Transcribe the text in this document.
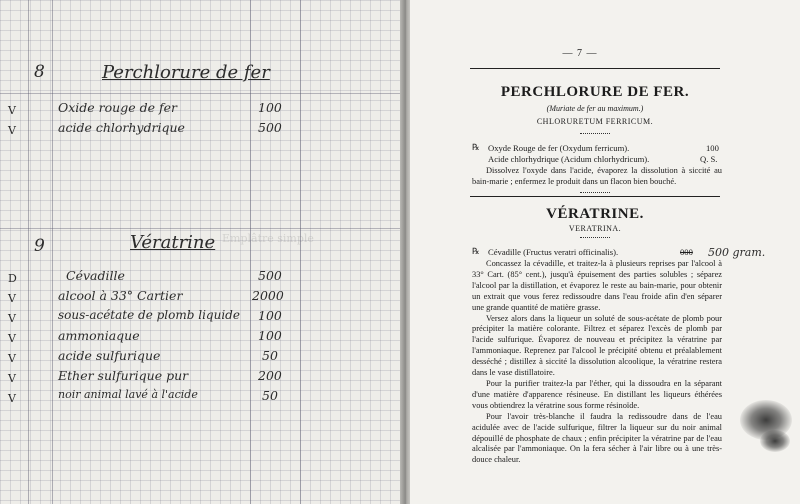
Emplâtre simple
8	Perchlorure de fer
V	Oxide rouge de fer	100
V	acide chlorhydrique	500
9	Vératrine
D	Cévadille	500
V	alcool à 33° Cartier	2000
V	sous-acétate de plomb liquide 100
V	ammoniaque	100
V	acide sulfurique	50
V	Ether sulfurique pur	200
V	noir animal lavé à l'acide	50
— 7 —
PERCHLORURE DE FER.
(Muriate de fer au maximum.)
CHLORURETUM FERRICUM.
℞ Oxyde Rouge de fer (Oxydum ferricum).	100
Acide chlorhydrique (Acidum chlorhydricum).	Q. S.

Dissolvez l'oxyde dans l'acide, évaporez la dissolution à siccité au bain-marie ; enfermez le produit dans un flacon bien bouché.

VÉRATRINE.
VERATRINA.
℞ Cévadille (Fructus veratri officinalis).	000 500 gram.

Concassez la cévadille, et traitez-la à plusieurs reprises par l'alcool à 33° Cart. (85° cent.), jusqu'à épuisement des parties solubles ; séparez l'alcool par la distillation, et évaporez le reste au bain-marie, pour obtenir un extrait que vous ferez redissoudre dans l'eau froide afin d'en séparer une grande quantité de matière grasse.

Versez alors dans la liqueur un soluté de sous-acétate de plomb pour précipiter la matière colorante. Filtrez et séparez l'excès de plomb par l'acide sulfurique. Évaporez de nouveau et précipitez la vératrine par l'ammoniaque. Reprenez par l'alcool le précipité obtenu et préalablement desséché ; distillez à siccité la dissolution alcoolique, la vératrine restera dans le vase distillatoire.

Pour la purifier traitez-la par l'éther, qui la dissoudra en la séparant d'une matière d'apparence résineuse. En distillant les liqueurs éthérées vous obtiendrez la vératrine sous forme résinoïde.

Pour l'avoir très-blanche il faudra la redissoudre dans de l'eau acidulée avec de l'acide sulfurique, filtrer la liqueur sur du noir animal dépouillé de phosphate de chaux ; enfin précipiter la vératrine par de l'eau alcalisée par l'ammoniaque. On la fera sécher à l'air libre ou à une très-douce chaleur.
